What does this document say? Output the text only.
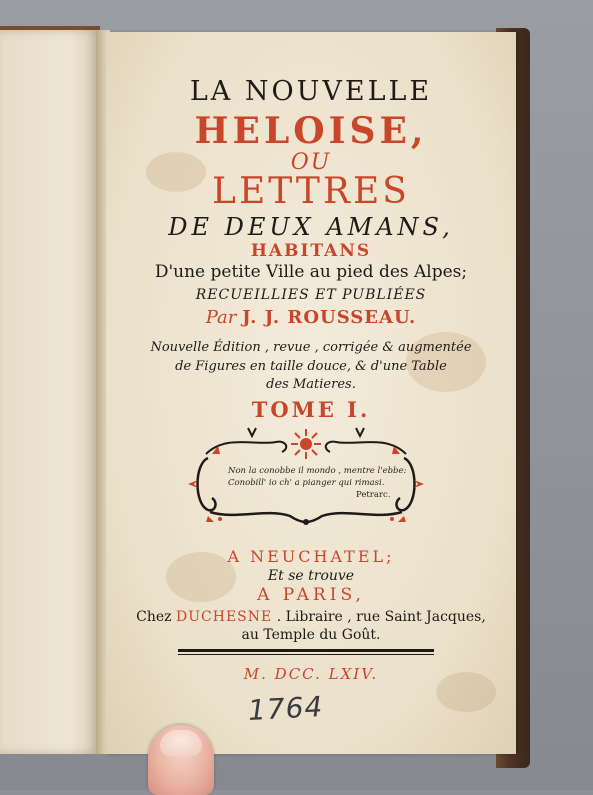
LA NOUVELLE
HELOISE,
OU
LETTRES
DE DEUX AMANS,
HABITANS
D'une petite Ville au pied des Alpes;
RECUEILLIES ET PUBLIÉES
Par J. J. ROUSSEAU.
Nouvelle Édition , revue , corrigée & augmentée
de Figures en taille douce, & d'une Table
des Matieres.
TOME I.
Non la conobbe il mondo , mentre l'ebbe:
Conobill' io ch' a pianger qui rimasi.
Petrarc.
A NEUCHATEL;
Et se trouve
A PARIS,
Chez DUCHESNE . Libraire , rue Saint Jacques,
au Temple du Goût.
M. DCC. LXIV.
1764
